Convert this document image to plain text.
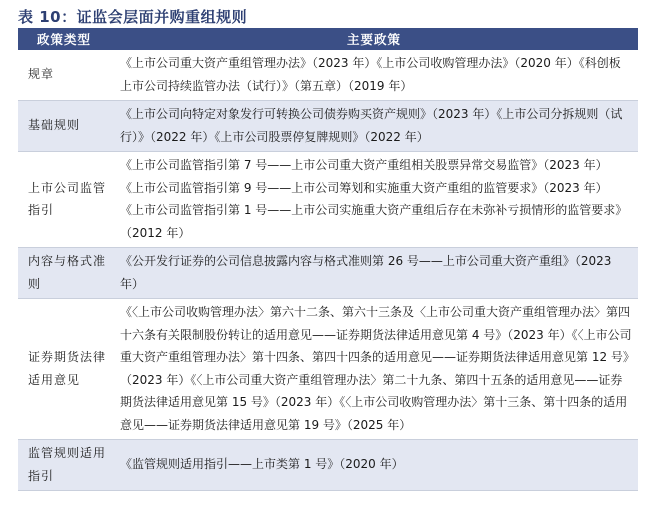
表 10：证监会层面并购重组规则
政策类型	主要政策
规章	《上市公司重大资产重组管理办法》（2023 年）《上市公司收购管理办法》（2020 年）《科创板上市公司持续监管办法（试行）》（第五章）（2019 年）

基础规则	《上市公司向特定对象发行可转换公司债券购买资产规则》（2023 年）《上市公司分拆规则（试行）》（2022 年）《上市公司股票停复牌规则》（2022 年）

上市公司监管指引	《上市公司监管指引第 7 号——上市公司重大资产重组相关股票异常交易监管》（2023 年）
《上市公司监管指引第 9 号——上市公司筹划和实施重大资产重组的监管要求》（2023 年）
《上市公司监管指引第 1 号——上市公司实施重大资产重组后存在未弥补亏损情形的监管要求》（2012 年）

内容与格式准则	《公开发行证券的公司信息披露内容与格式准则第 26 号——上市公司重大资产重组》（2023 年）

证券期货法律适用意见	《〈上市公司收购管理办法〉第六十二条、第六十三条及〈上市公司重大资产重组管理办法〉第四十六条有关限制股份转让的适用意见——证券期货法律适用意见第 4 号》（2023 年）《〈上市公司重大资产重组管理办法〉第十四条、第四十四条的适用意见——证券期货法律适用意见第 12 号》（2023 年）《〈上市公司重大资产重组管理办法〉第二十九条、第四十五条的适用意见——证券期货法律适用意见第 15 号》（2023 年）《〈上市公司收购管理办法〉第十三条、第十四条的适用意见——证券期货法律适用意见第 19 号》（2025 年）

监管规则适用指引	《监管规则适用指引——上市类第 1 号》（2020 年）
